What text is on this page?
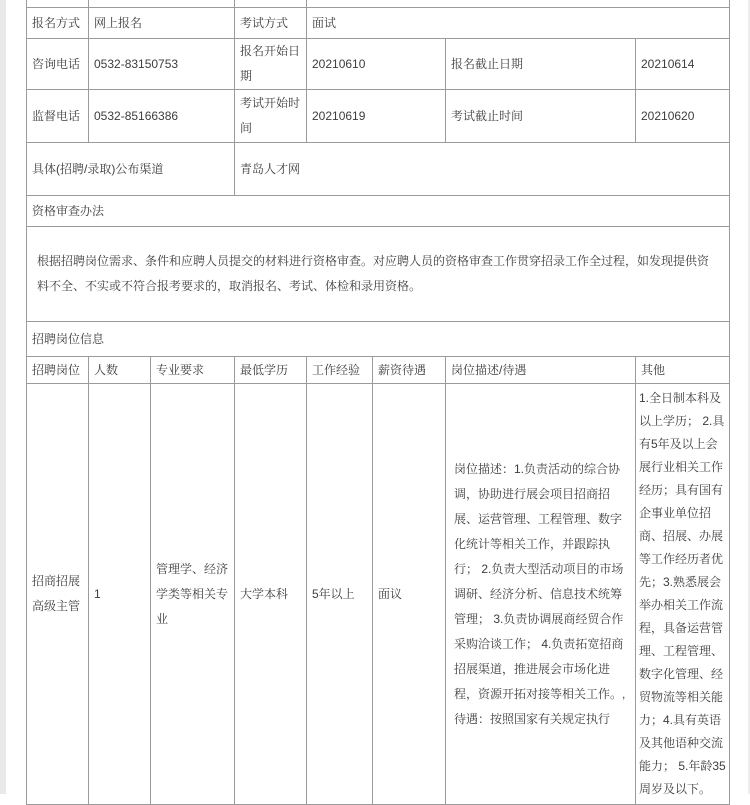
报名方式	网上报名		考试方式	面试			
咨询电话	0532-83150753		报名开始日期	20210610		报名截止日期	20210614
监督电话	0532-85166386		考试开始时间	20210619		考试截止时间	20210620
具体(招聘/录取)公布渠道			青岛人才网				
资格审查办法							
根据招聘岗位需求、条件和应聘人员提交的材料进行资格审查。对应聘人员的资格审查工作贯穿招录工作全过程，如发现提供资料不全、不实或不符合报考要求的，取消报名、考试、体检和录用资格。							
招聘岗位信息							
招聘岗位	人数	专业要求	最低学历	工作经验	薪资待遇	岗位描述/待遇	其他
招商招展高级主管	1	管理学、经济学类等相关专业	大学本科	5年以上	面议	岗位描述：1.负责活动的综合协调，协助进行展会项目招商招展、运营管理、工程管理、数字化统计等相关工作，并跟踪执行； 2.负责大型活动项目的市场调研、经济分析、信息技术统筹管理； 3.负责协调展商经贸合作采购洽谈工作； 4.负责拓宽招商招展渠道，推进展会市场化进程，资源开拓对接等相关工作。,待遇：按照国家有关规定执行	1.全日制本科及以上学历； 2.具有5年及以上会展行业相关工作经历；具有国有企事业单位招商、招展、办展等工作经历者优先；3.熟悉展会举办相关工作流程，具备运营管理、工程管理、数字化管理、经贸物流等相关能力；4.具有英语及其他语种交流能力； 5.年龄35周岁及以下。
